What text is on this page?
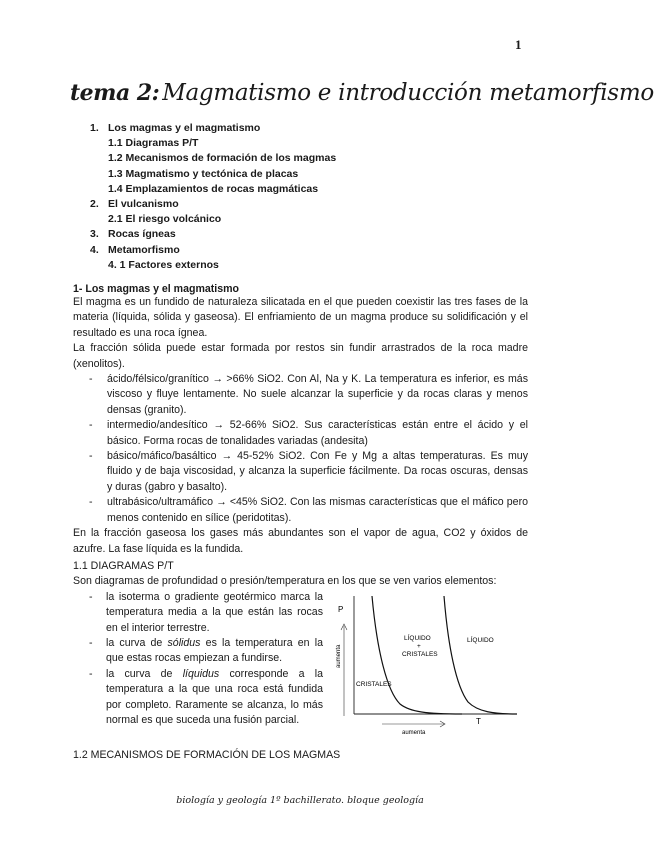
1
tema 2: Magmatismo e introducción metamorfismo
1. Los magmas y el magmatismo
1.1 Diagramas P/T
1.2 Mecanismos de formación de los magmas
1.3 Magmatismo y tectónica de placas
1.4 Emplazamientos de rocas magmáticas
2. El vulcanismo
2.1 El riesgo volcánico
3. Rocas ígneas
4. Metamorfismo
4. 1 Factores externos
1- Los magmas y el magmatismo
El magma es un fundido de naturaleza silicatada en el que pueden coexistir las tres fases de la materia (líquida, sólida y gaseosa). El enfriamiento de un magma produce su solidificación y el resultado es una roca ígnea.
La fracción sólida puede estar formada por restos sin fundir arrastrados de la roca madre (xenolitos).
- ácido/félsico/granítico → >66% SiO2. Con Al, Na y K. La temperatura es inferior, es más viscoso y fluye lentamente. No suele alcanzar la superficie y da rocas claras y menos densas (granito).
- intermedio/andesítico → 52-66% SiO2. Sus características están entre el ácido y el básico. Forma rocas de tonalidades variadas (andesita)
- básico/máfico/basáltico → 45-52% SiO2. Con Fe y Mg a altas temperaturas. Es muy fluido y de baja viscosidad, y alcanza la superficie fácilmente. Da rocas oscuras, densas y duras (gabro y basalto).
- ultrabásico/ultramáfico → <45% SiO2. Con las mismas características que el máfico pero menos contenido en sílice (peridotitas).
En la fracción gaseosa los gases más abundantes son el vapor de agua, CO2 y óxidos de azufre. La fase líquida es la fundida.
1.1 DIAGRAMAS P/T
Son diagramas de profundidad o presión/temperatura en los que se ven varios elementos:
- la isoterma o gradiente geotérmico marca la temperatura media a la que están las rocas en el interior terrestre.
- la curva de sólidus es la temperatura en la que estas rocas empiezan a fundirse.
- la curva de líquidus corresponde a la temperatura a la que una roca está fundida por completo. Raramente se alcanza, lo más normal es que suceda una fusión parcial.
P
aumenta
LÍQUIDO
+
CRISTALES
LÍQUIDO
CRISTALES
T
aumenta
1.2 MECANISMOS DE FORMACIÓN DE LOS MAGMAS
biología y geología 1º bachillerato. bloque geología
